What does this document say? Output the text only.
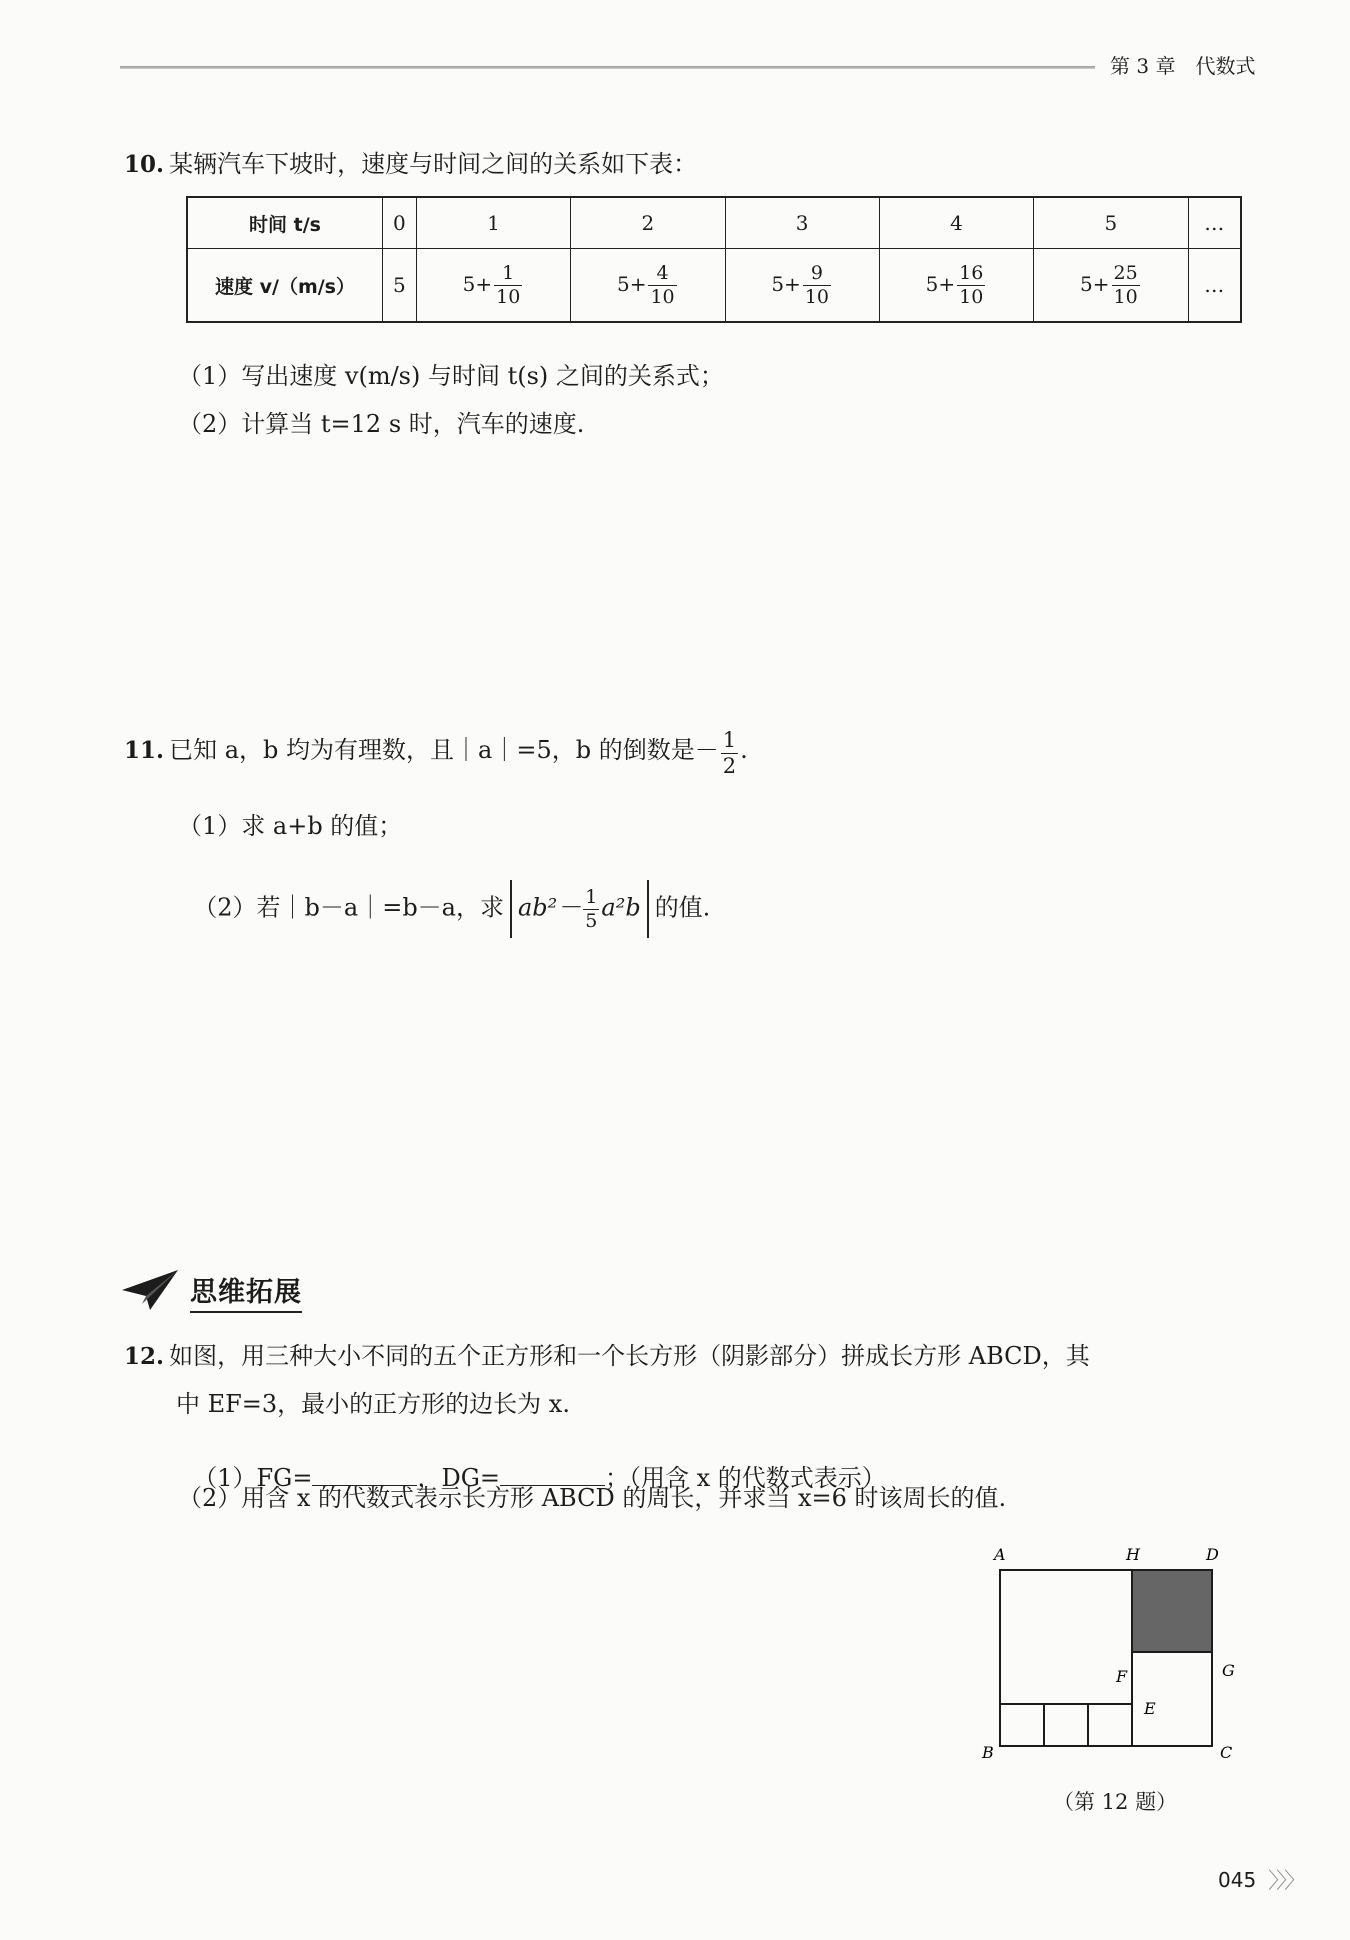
第 3 章　代数式
10. 某辆汽车下坡时，速度与时间之间的关系如下表：
时间 t/s	0	1	2	3	4	5	…
速度 v/（m/s）	5	$5+ \frac{1}{10}$	$5+ \frac{4}{10}$	$5+ \frac{9}{10}$	$5+ \frac{16}{10}$	$5+ \frac{25}{10}$	…
（1）写出速度 v(m/s) 与时间 t(s) 之间的关系式；
（2）计算当 t=12 s 时，汽车的速度.
11. 已知 a，b 均为有理数，且｜a｜=5，b 的倒数是－ $\frac{1}{2}$ .
（1）求 a+b 的值；

（2）若｜b－a｜=b－a，求 $ab^2- \frac{1}{5} a^2b$ 的值.

思维拓展
12. 如图，用三种大小不同的五个正方形和一个长方形（阴影部分）拼成长方形 ABCD，其
中 EF=3，最小的正方形的边长为 x.

（1）FG=	，DG=	；（用含 x 的代数式表示）

（2）用含 x 的代数式表示长方形 ABCD 的周长，并求当 x=6 时该周长的值.
A	H	D
F	G
E
B	C
（第 12 题）
045 〉〉〉
